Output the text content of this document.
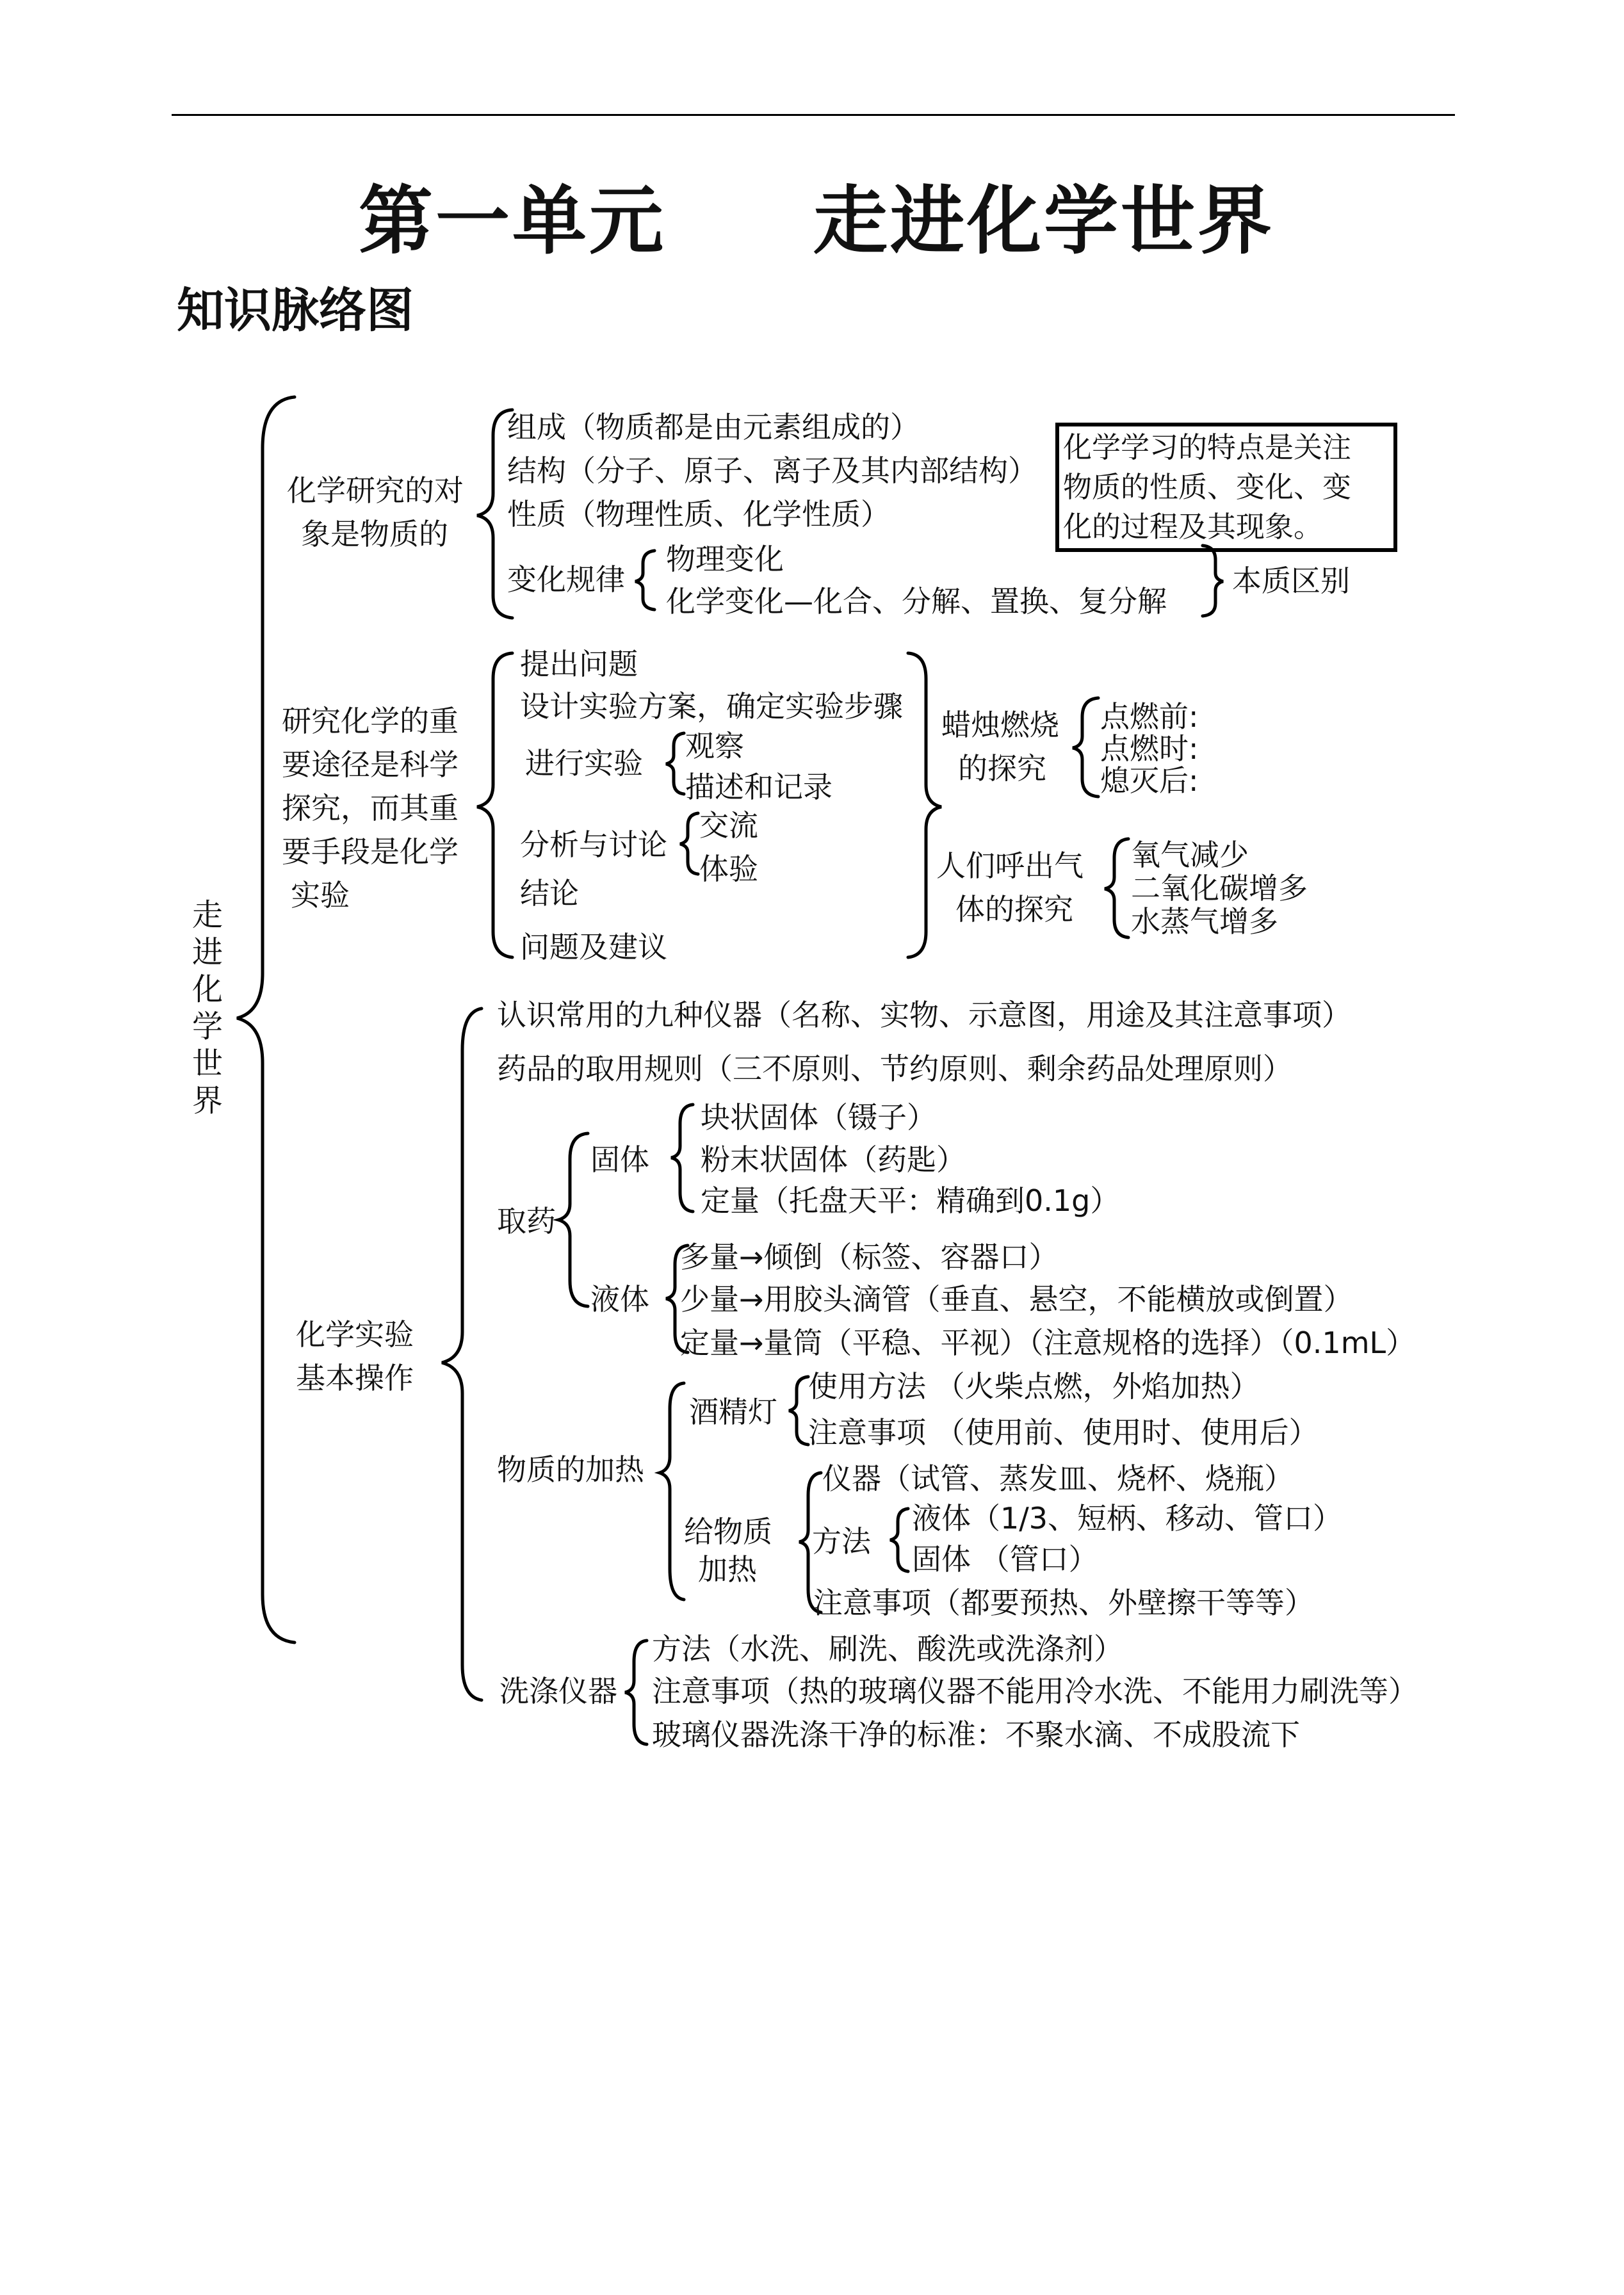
第一单元 走进化学世界
知识脉络图
走
进
化
学
世
界
化学研究的对
象是物质的
组成（物质都是由元素组成的）
结构（分子、原子、离子及其内部结构）
性质（物理性质、化学性质）
变化规律
物理变化
化学变化—化合、分解、置换、复分解
本质区别
化学学习的特点是关注
物质的性质、变化、变
化的过程及其现象。
研究化学的重
要途径是科学
探究，而其重
要手段是化学
实验
提出问题
设计实验方案，确定实验步骤
进行实验 观察
描述和记录
分析与讨论
交流
体验
结论
问题及建议
蜡烛燃烧
的探究
点燃前:
点燃时:
熄灭后:
人们呼出气
体的探究
氧气减少
二氧化碳增多
水蒸气增多
化学实验
基本操作
认识常用的九种仪器（名称、实物、示意图，用途及其注意事项）
药品的取用规则（三不原则、节约原则、剩余药品处理原则）
取药
固体
块状固体（镊子）
粉末状固体（药匙）
定量（托盘天平：精确到0.1g）
液体
多量→倾倒（标签、容器口）
少量→用胶头滴管（垂直、悬空，不能横放或倒置）
定量→量筒（平稳、平视）（注意规格的选择）（0.1mL）
物质的加热
酒精灯
使用方法 （火柴点燃，外焰加热）
注意事项 （使用前、使用时、使用后）
给物质
加热
仪器（试管、蒸发皿、烧杯、烧瓶）
方法
液体（1/3、短柄、移动、管口）
固体 （管口）
注意事项（都要预热、外壁擦干等等）
洗涤仪器
方法（水洗、刷洗、酸洗或洗涤剂）
注意事项（热的玻璃仪器不能用冷水洗、不能用力刷洗等）
玻璃仪器洗涤干净的标准：不聚水滴、不成股流下
